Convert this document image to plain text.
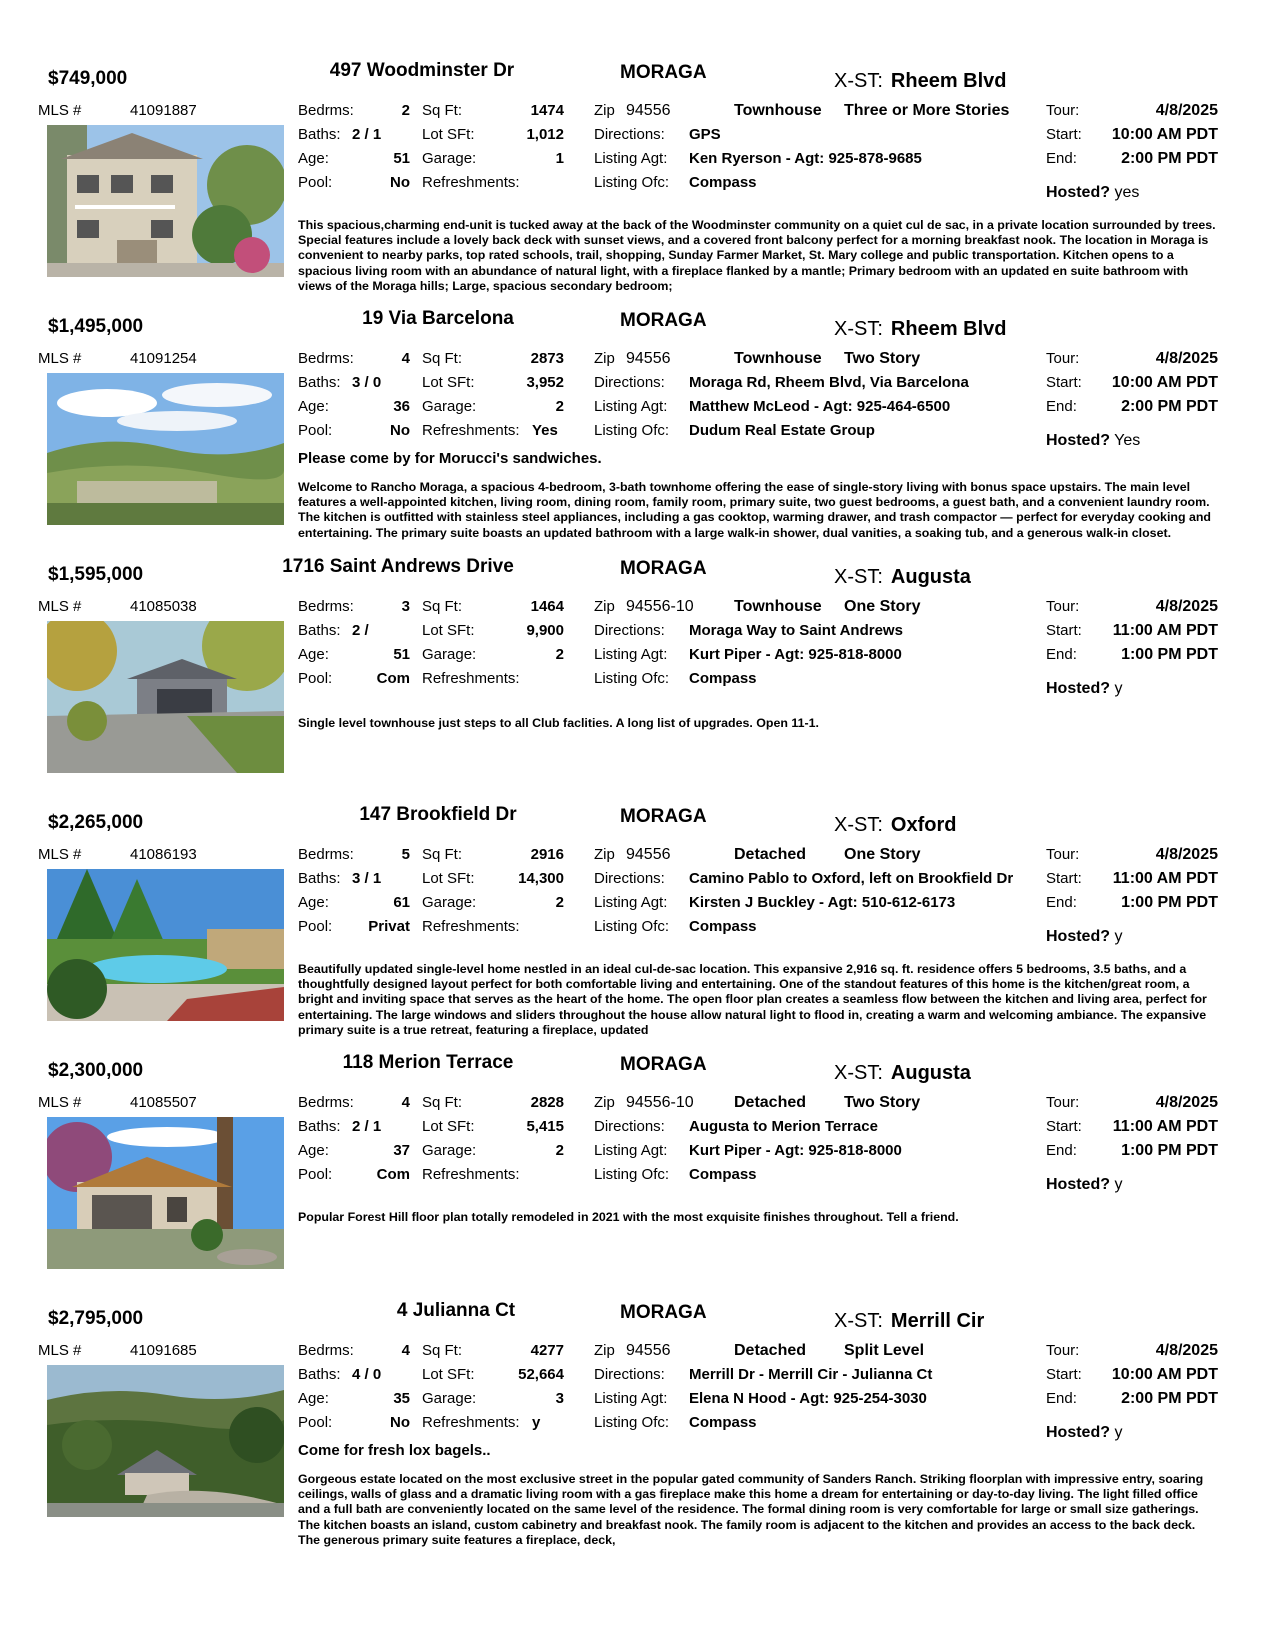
$749,000	497 Woodminster Dr	MORAGA	X-ST: Rheem Blvd
MLS #	41091887	Bedrms:	2
Baths: 2 / 1
Age:	51
Pool:	No
Sq Ft:	1474
Lot SFt:	1,012
Garage:	1
Refreshments:
Zip 94556	Townhouse Three or More Stories
Directions: GPS
Listing Agt: Ken Ryerson - Agt: 925-878-9685
Listing Ofc: Compass
Tour:	4/8/2025
Start:	10:00 AM PDT
End:	2:00 PM PDT
Hosted? yes
This spacious,charming end-unit is tucked away at the back of the Woodminster community on a quiet cul de sac, in a private location surrounded by trees. Special features include a lovely back deck with sunset views, and a covered front balcony perfect for a morning breakfast nook. The location in Moraga is convenient to nearby parks, top rated schools, trail, shopping, Sunday Farmer Market, St. Mary college and public transportation. Kitchen opens to a spacious living room with an abundance of natural light, with a fireplace flanked by a mantle; Primary bedroom with an updated en suite bathroom with views of the Moraga hills; Large, spacious secondary bedroom;
$1,495,000	19 Via Barcelona	MORAGA	X-ST: Rheem Blvd
MLS #	41091254	Bedrms:	4
Baths: 3 / 0
Age:	36
Pool:	No
Sq Ft:	2873
Lot SFt:	3,952
Garage:	2
Refreshments: Yes
Zip 94556	Townhouse Two Story
Directions: Moraga Rd, Rheem Blvd, Via Barcelona
Listing Agt: Matthew McLeod - Agt: 925-464-6500
Listing Ofc: Dudum Real Estate Group
Tour:	4/8/2025
Start:	10:00 AM PDT
End:	2:00 PM PDT
Hosted? Yes
Please come by for Morucci's sandwiches.
Welcome to Rancho Moraga, a spacious 4-bedroom, 3-bath townhome offering the ease of single-story living with bonus space upstairs. The main level features a well-appointed kitchen, living room, dining room, family room, primary suite, two guest bedrooms, a guest bath, and a convenient laundry room. The kitchen is outfitted with stainless steel appliances, including a gas cooktop, warming drawer, and trash compactor — perfect for everyday cooking and entertaining. The primary suite boasts an updated bathroom with a large walk-in shower, dual vanities, a soaking tub, and a generous walk-in closet.
$1,595,000	1716 Saint Andrews Drive	MORAGA	X-ST: Augusta
MLS #	41085038	Bedrms:	3
Baths: 2 /
Age:	51
Pool:	Com
Sq Ft:	1464
Lot SFt:	9,900
Garage:	2
Refreshments:
Zip 94556-10	Townhouse One Story
Directions: Moraga Way to Saint Andrews
Listing Agt: Kurt Piper - Agt: 925-818-8000
Listing Ofc: Compass
Tour:	4/8/2025
Start:	11:00 AM PDT
End:	1:00 PM PDT
Hosted? y
Single level townhouse just steps to all Club faclities. A long list of upgrades. Open 11-1.
$2,265,000	147 Brookfield Dr	MORAGA	X-ST: Oxford
MLS #	41086193	Bedrms:	5
Baths: 3 / 1
Age:	61
Pool:	Privat
Sq Ft:	2916
Lot SFt:	14,300
Garage:	2
Refreshments:
Zip 94556	Detached One Story
Directions: Camino Pablo to Oxford, left on Brookfield Dr
Listing Agt: Kirsten J Buckley - Agt: 510-612-6173
Listing Ofc: Compass
Tour:	4/8/2025
Start:	11:00 AM PDT
End:	1:00 PM PDT
Hosted? y
Beautifully updated single-level home nestled in an ideal cul-de-sac location. This expansive 2,916 sq. ft. residence offers 5 bedrooms, 3.5 baths, and a thoughtfully designed layout perfect for both comfortable living and entertaining. One of the standout features of this home is the kitchen/great room, a bright and inviting space that serves as the heart of the home. The open floor plan creates a seamless flow between the kitchen and living area, perfect for entertaining. The large windows and sliders throughout the house allow natural light to flood in, creating a warm and welcoming ambiance. The expansive primary suite is a true retreat, featuring a fireplace, updated
$2,300,000	118 Merion Terrace	MORAGA	X-ST: Augusta
MLS #	41085507	Bedrms:	4
Baths: 2 / 1
Age:	37
Pool:	Com
Sq Ft:	2828
Lot SFt:	5,415
Garage:	2
Refreshments:
Zip 94556-10	Detached Two Story
Directions: Augusta to Merion Terrace
Listing Agt: Kurt Piper - Agt: 925-818-8000
Listing Ofc: Compass
Tour:	4/8/2025
Start:	11:00 AM PDT
End:	1:00 PM PDT
Hosted? y
Popular Forest Hill floor plan totally remodeled in 2021 with the most exquisite finishes throughout. Tell a friend.
$2,795,000	4 Julianna Ct	MORAGA	X-ST: Merrill Cir
MLS #	41091685	Bedrms:	4
Baths: 4 / 0
Age:	35
Pool:	No
Sq Ft:	4277
Lot SFt:	52,664
Garage:	3
Refreshments: y
Zip 94556	Detached Split Level
Directions: Merrill Dr - Merrill Cir - Julianna Ct
Listing Agt: Elena N Hood - Agt: 925-254-3030
Listing Ofc: Compass
Tour:	4/8/2025
Start:	10:00 AM PDT
End:	2:00 PM PDT
Hosted? y
Come for fresh lox bagels..
Gorgeous estate located on the most exclusive street in the popular gated community of Sanders Ranch. Striking floorplan with impressive entry, soaring ceilings, walls of glass and a dramatic living room with a gas fireplace make this home a dream for entertaining or day-to-day living. The light filled office and a full bath are conveniently located on the same level of the residence. The formal dining room is very comfortable for large or small size gatherings. The kitchen boasts an island, custom cabinetry and breakfast nook. The family room is adjacent to the kitchen and provides an access to the back deck. The generous primary suite features a fireplace, deck,
